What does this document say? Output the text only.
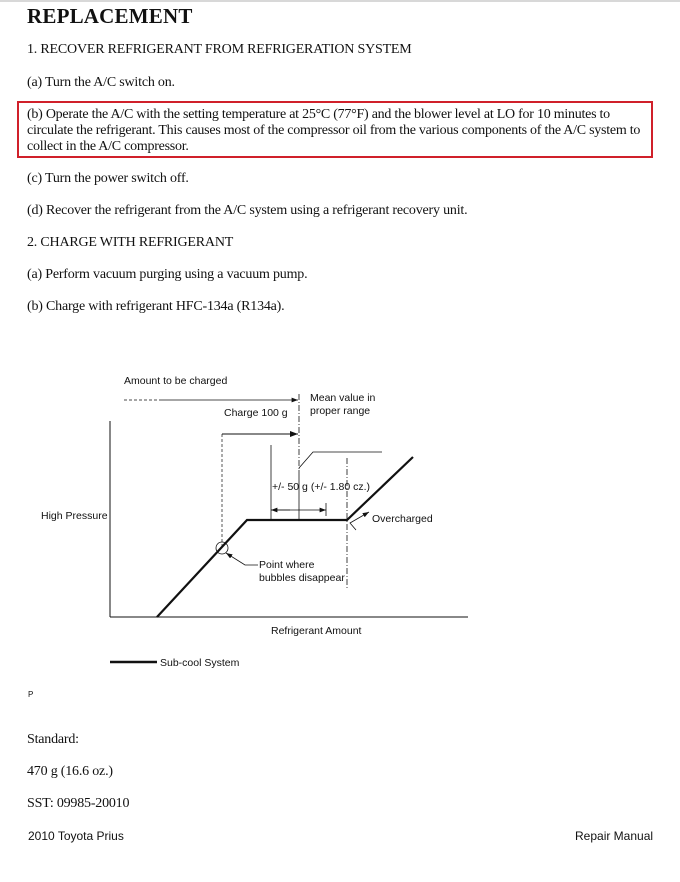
REPLACEMENT
1. RECOVER REFRIGERANT FROM REFRIGERATION SYSTEM
(a) Turn the A/C switch on.
(b) Operate the A/C with the setting temperature at 25°C (77°F) and the blower level at LO for 10 minutes to circulate the refrigerant. This causes most of the compressor oil from the various components of the A/C system to collect in the A/C compressor.
(c) Turn the power switch off.
(d) Recover the refrigerant from the A/C system using a refrigerant recovery unit.
2. CHARGE WITH REFRIGERANT
(a) Perform vacuum purging using a vacuum pump.
(b) Charge with refrigerant HFC-134a (R134a).
Amount to be charged
Mean value in
proper range
Charge 100 g
+/- 50 g (+/- 1.80 cz.)
High Pressure	Overcharged
Point where
bubbles disappear
Refrigerant Amount
Sub-cool System
P
Standard:
470 g (16.6 oz.)
SST: 09985-20010
2010 Toyota Prius	Repair Manual
